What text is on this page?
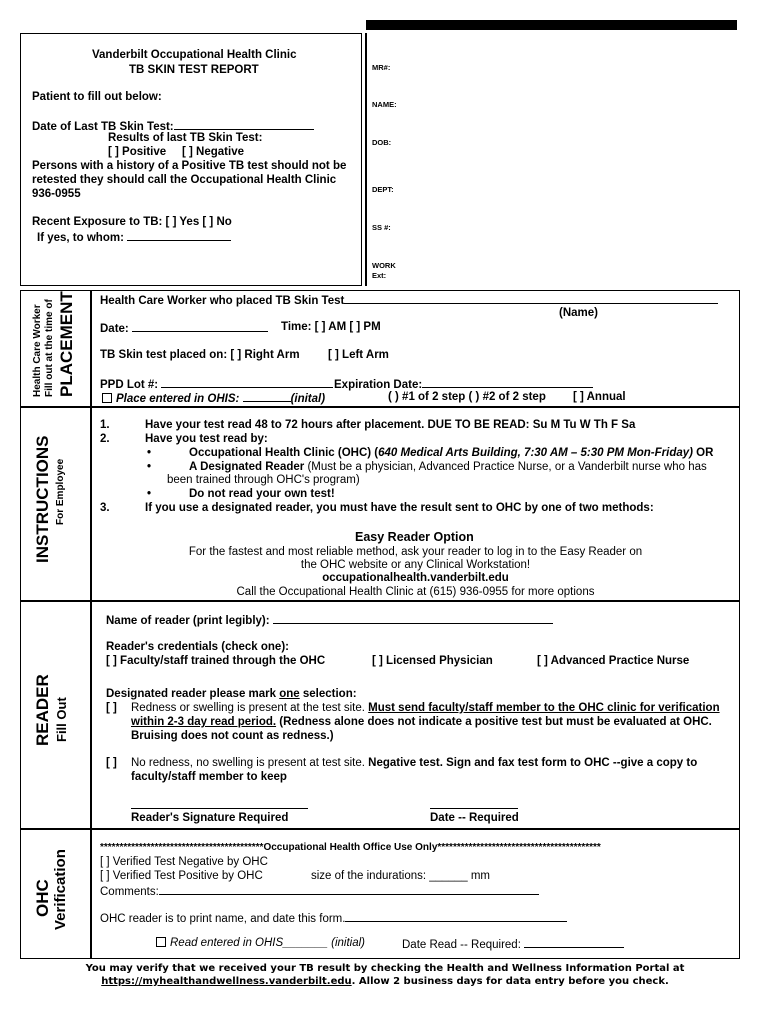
Vanderbilt Occupational Health Clinic
TB SKIN TEST REPORT
Patient to fill out below:
Date of Last TB Skin Test:
Results of last TB Skin Test:
[ ] Positive [ ] Negative
Persons with a history of a Positive TB test should not be
retested they should call the Occupational Health Clinic
936-0955
Recent Exposure to TB: [ ] Yes [ ] No
If yes, to whom:
MR#:
NAME:
DOB:
DEPT:
SS #:
WORK
Ext:
Health Care Worker Fill out at the time of PLACEMENT Health Care Worker who placed TB Skin Test
(Name)
Date:	Time: [ ] AM [ ] PM
TB Skin test placed on: [ ] Right Arm [ ] Left Arm
PPD Lot #:	Expiration Date:
Place entered in OHIS:	(inital)	( ) #1 of 2 step ( ) #2 of 2 step [ ] Annual
INSTRUCTIONS For Employee
1.	Have your test read 48 to 72 hours after placement. DUE TO BE READ: Su M Tu W Th F Sa
2.	Have you test read by:
•	Occupational Health Clinic (OHC) (640 Medical Arts Building, 7:30 AM – 5:30 PM Mon-Friday) OR
•	A Designated Reader (Must be a physician, Advanced Practice Nurse, or a Vanderbilt nurse who has
been trained through OHC's program)
•	Do not read your own test!
3.	If you use a designated reader, you must have the result sent to OHC by one of two methods:
Easy Reader Option
For the fastest and most reliable method, ask your reader to log in to the Easy Reader on
the OHC website or any Clinical Workstation!
occupationalhealth.vanderbilt.edu
Call the Occupational Health Clinic at (615) 936-0955 for more options
READER Fill Out
Name of reader (print legibly):
Reader's credentials (check one):
[ ] Faculty/staff trained through the OHC	[ ] Licensed Physician	[ ] Advanced Practice Nurse
Designated reader please mark one selection:
[ ] Redness or swelling is present at the test site. Must send faculty/staff member to the OHC clinic for verification
within 2-3 day read period. (Redness alone does not indicate a positive test but must be evaluated at OHC.
Bruising does not count as redness.)
[ ] No redness, no swelling is present at test site. Negative test. Sign and fax test form to OHC --give a copy to
faculty/staff member to keep
Reader's Signature Required	Date -- Required
OHC Verification
******************************************Occupational Health Office Use Only******************************************
[ ] Verified Test Negative by OHC
[ ] Verified Test Positive by OHC	size of the indurations: ______ mm
Comments:
OHC reader is to print name, and date this form.
Read entered in OHIS_______ (initial)	Date Read -- Required:
You may verify that we received your TB result by checking the Health and Wellness Information Portal at
https://myhealthandwellness.vanderbilt.edu. Allow 2 business days for data entry before you check.
